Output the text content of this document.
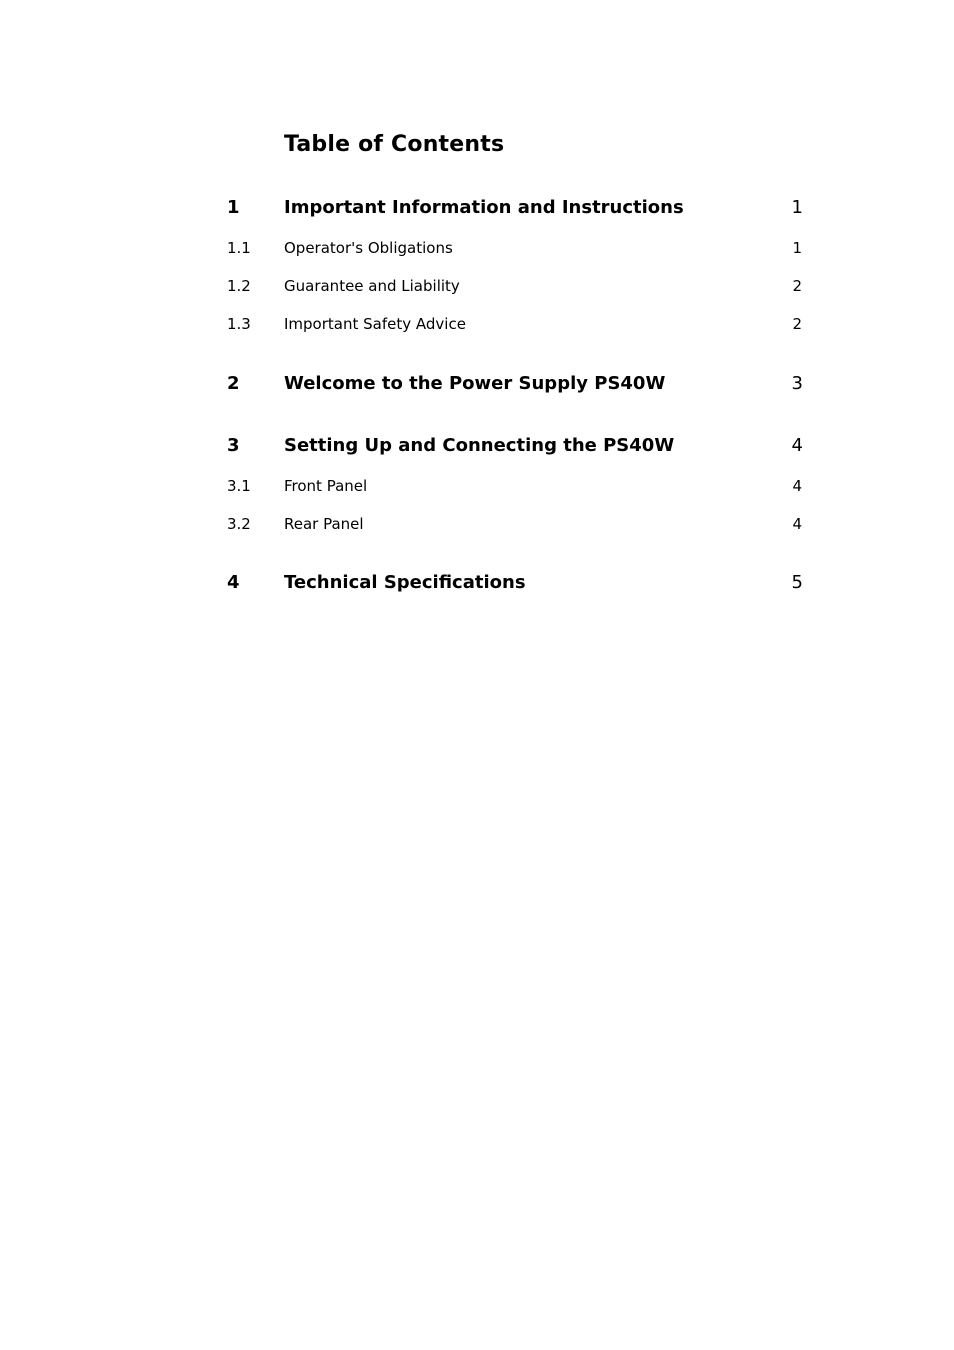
Table of Contents
1 Important Information and Instructions	1
1.1 Operator's Obligations	1
1.2 Guarantee and Liability	2
1.3 Important Safety Advice	2
2 Welcome to the Power Supply PS40W	3
3 Setting Up and Connecting the PS40W	4
3.1 Front Panel	4
3.2 Rear Panel	4
4 Technical Specifications	5
